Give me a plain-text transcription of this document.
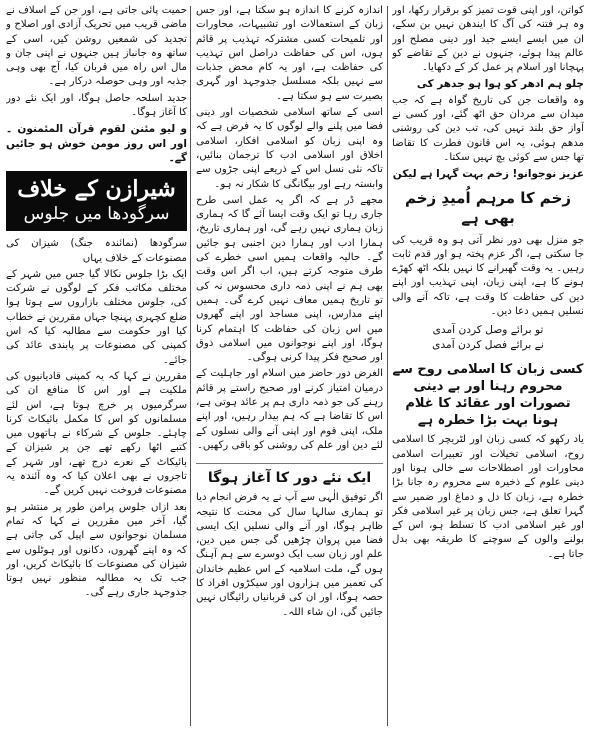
کواتن، اور اپنی قوت تمیز کو برقرار رکھا، اور وہ ہر فتنہ کی آگ کا ایندھن نہیں بن سکے، ان میں ایسے ایسے جید اور دینی مصلح اور عالم پیدا ہوئے، جنہوں نے دین کے تقاضے کو پہچانا اور اسلام پر عمل کر کے دکھایا۔

چلو ہم ادھر کو ہوا ہو جدھر کی

وہ واقعات جن کی تاریخ گواہ ہے کہ جب میدان سے مردان حق اٹھ گئے، اور کسی نے آواز حق بلند نہیں کی، تب دین کی روشنی مدھم ہوئی، یہ اس قانون فطرت کا تقاضا تھا جس سے کوئی بچ نہیں سکتا۔

عزیز نوجوانو! زخم بہت گہرا ہے لیکن

زخم کا مرہم اُمیدِ زخم بھی ہے

جو منزل بھی دور نظر آتی ہو وہ قریب کی جا سکتی ہے، اگر عزم پختہ ہو اور قدم ثابت رہیں۔ یہ وقت گھبرانے کا نہیں بلکہ اٹھ کھڑے ہونے کا ہے، اپنی زبان، اپنی تہذیب اور اپنے دین کی حفاظت کا وقت ہے، تاکہ آنے والی نسلیں ہمیں دعا دیں۔

تو برائے وصل کردن آمدی
نے برائے فصل کردن آمدی
کسی زبان کا اسلامی روح سے محروم رہنا اور بے دینی تصورات اور عقائد کا غلام ہونا بہت بڑا خطرہ ہے

یاد رکھو کہ کسی زبان اور لٹریچر کا اسلامی روح، اسلامی تخیلات اور تعبیرات اسلامی محاورات اور اصطلاحات سے خالی ہونا اور دینی علوم کے ذخیرہ سے محروم رہ جانا بڑا خطرہ ہے، زبان کا دل و دماغ اور ضمیر سے گہرا تعلق ہے، جس زبان پر غیر اسلامی فکر اور غیر اسلامی ادب کا تسلط ہو، اس کے بولنے والوں کے سوچنے کا طریقہ بھی بدل جاتا ہے۔

اندازہ کرنے کا اندازہ ہو سکتا ہے، اور جس زبان کے استعمالات اور تشبیہات، محاورات اور تلمیحات کسی مشترکہ تہذیب پر قائم ہوں، اس کی حفاظت دراصل اس تہذیب کی حفاظت ہے، اور یہ کام محض جذبات سے نہیں بلکہ مسلسل جدوجہد اور گہری بصیرت سے ہو سکتا ہے۔

اسی کے ساتھ اسلامی شخصیات اور دینی فضا میں پلنے والے لوگوں کا یہ فرض ہے کہ وہ اپنی زبان کو اسلامی افکار، اسلامی اخلاق اور اسلامی ادب کا ترجمان بنائیں، تاکہ نئی نسل اس کے ذریعے اپنی جڑوں سے وابستہ رہے اور بیگانگی کا شکار نہ ہو۔

مجھے ڈر ہے کہ اگر یہ عمل اسی طرح جاری رہا تو ایک وقت ایسا آئے گا کہ ہماری زبان ہماری نہیں رہے گی، اور ہماری تاریخ، ہمارا ادب اور ہمارا دین اجنبی ہو جائیں گے۔ حالیہ واقعات ہمیں اسی خطرے کی طرف متوجہ کرتے ہیں، اب اگر اس وقت بھی ہم نے اپنی ذمہ داری محسوس نہ کی تو تاریخ ہمیں معاف نہیں کرے گی۔ ہمیں اپنے مدارس، اپنی مساجد اور اپنے گھروں میں اس زبان کی حفاظت کا اہتمام کرنا ہوگا، اور اپنے نوجوانوں میں اسلامی ذوق اور صحیح فکر پیدا کرنی ہوگی۔

الغرض دور حاضر میں اسلام اور جاہلیت کے درمیان امتیاز کرنے اور صحیح راستے پر قائم رہنے کی جو ذمہ داری ہم پر عائد ہوتی ہے، اس کا تقاضا ہے کہ ہم بیدار رہیں، اور اپنے ملک، اپنی قوم اور اپنی آنے والی نسلوں کے لئے دین اور علم کی روشنی کو باقی رکھیں۔

ایک نئے دور کا آغاز ہوگا

اگر توفیق الٰہی سے آپ نے یہ فرض انجام دیا تو ہماری سالہا سال کی محنت کا نتیجہ ظاہر ہوگا، اور آنے والی نسلیں ایک ایسی فضا میں پروان چڑھیں گی جس میں دین، علم اور زبان سب ایک دوسرے سے ہم آہنگ ہوں گے، ملت اسلامیہ کے اس عظیم خاندان کی تعمیر میں ہزاروں اور سیکڑوں افراد کا حصہ ہوگا، اور ان کی قربانیاں رائیگاں نہیں جائیں گی، ان شاء اللہ۔

حمیت پائی جاتی ہے، اور جن کے اسلاف نے ماضی قریب میں تحریک آزادی اور اصلاح و تجدید کی شمعیں روشن کیں، اسی کے ساتھ وہ جانباز ہیں جنہوں نے اپنی جان و مال اس راہ میں قربان کیا، آج بھی وہی جذبہ اور وہی حوصلہ درکار ہے۔

جدید اسلحہ حاصل ہوگا، اور ایک نئے دور کا آغاز ہوگا۔

و لیو مئنن لقوم قرآن المئمنون ۔ اور اس روز مومن خوش ہو جائیں گے۔

شیرازن کے خلاف
سرگودھا میں جلوس

سرگودھا (نمائندہ جنگ) شیزان کی مصنوعات کے خلاف یہاں

ایک بڑا جلوس نکالا گیا جس میں شہر کے مختلف مکاتب فکر کے لوگوں نے شرکت کی، جلوس مختلف بازاروں سے ہوتا ہوا ضلع کچہری پہنچا جہاں مقررین نے خطاب کیا اور حکومت سے مطالبہ کیا کہ اس کمپنی کی مصنوعات پر پابندی عائد کی جائے۔

مقررین نے کہا کہ یہ کمپنی قادیانیوں کی ملکیت ہے اور اس کا منافع ان کی سرگرمیوں پر خرچ ہوتا ہے، اس لئے مسلمانوں کو اس کا مکمل بائیکاٹ کرنا چاہئے۔ جلوس کے شرکاء نے ہاتھوں میں کتبے اٹھا رکھے تھے جن پر شیزان کے بائیکاٹ کے نعرے درج تھے، اور شہر کے تاجروں نے بھی اعلان کیا کہ وہ آئندہ یہ مصنوعات فروخت نہیں کریں گے۔

بعد ازاں جلوس پرامن طور پر منتشر ہو گیا، آخر میں مقررین نے کہا کہ تمام مسلمان نوجوانوں سے اپیل کی جاتی ہے کہ وہ اپنے گھروں، دکانوں اور ہوٹلوں سے شیزان کی مصنوعات کا بائیکاٹ کریں، اور جب تک یہ مطالبہ منظور نہیں ہوتا جدوجہد جاری رہے گی۔
